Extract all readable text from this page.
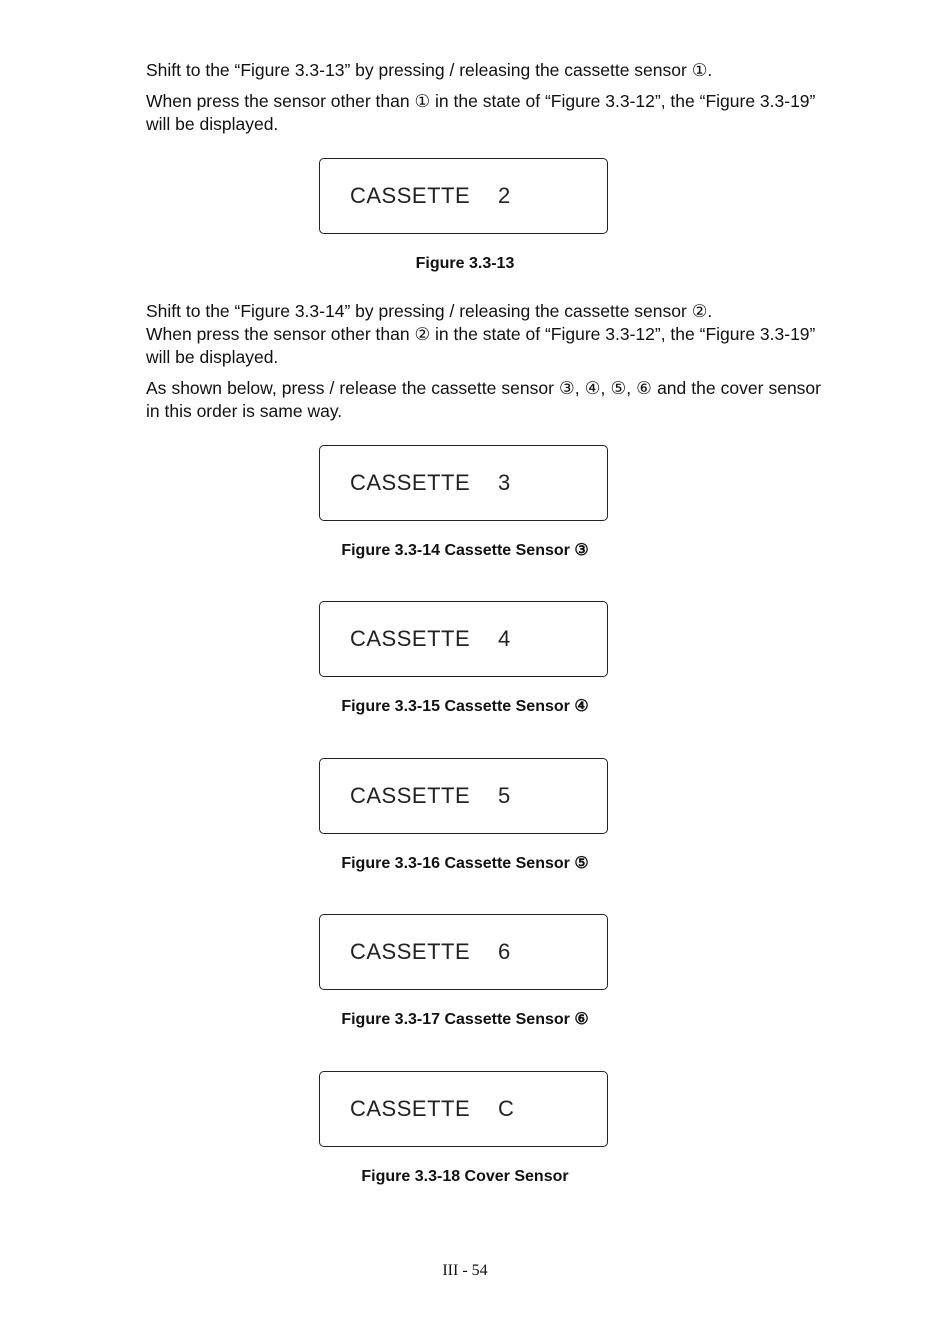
Shift to the “Figure 3.3-13” by pressing / releasing the cassette sensor ①.

When press the sensor other than ① in the state of “Figure 3.3-12”, the “Figure 3.3-19” will be displayed.

CASSETTE 2

Figure 3.3-13

Shift to the “Figure 3.3-14” by pressing / releasing the cassette sensor ②.

When press the sensor other than ② in the state of “Figure 3.3-12”, the “Figure 3.3-19” will be displayed.

As shown below, press / release the cassette sensor ③, ④, ⑤, ⑥ and the cover sensor in this order is same way.

CASSETTE 3

Figure 3.3-14 Cassette Sensor ③

CASSETTE 4

Figure 3.3-15 Cassette Sensor ④

CASSETTE 5

Figure 3.3-16 Cassette Sensor ⑤

CASSETTE 6

Figure 3.3-17 Cassette Sensor ⑥

CASSETTE C

Figure 3.3-18 Cover Sensor

III - 54
